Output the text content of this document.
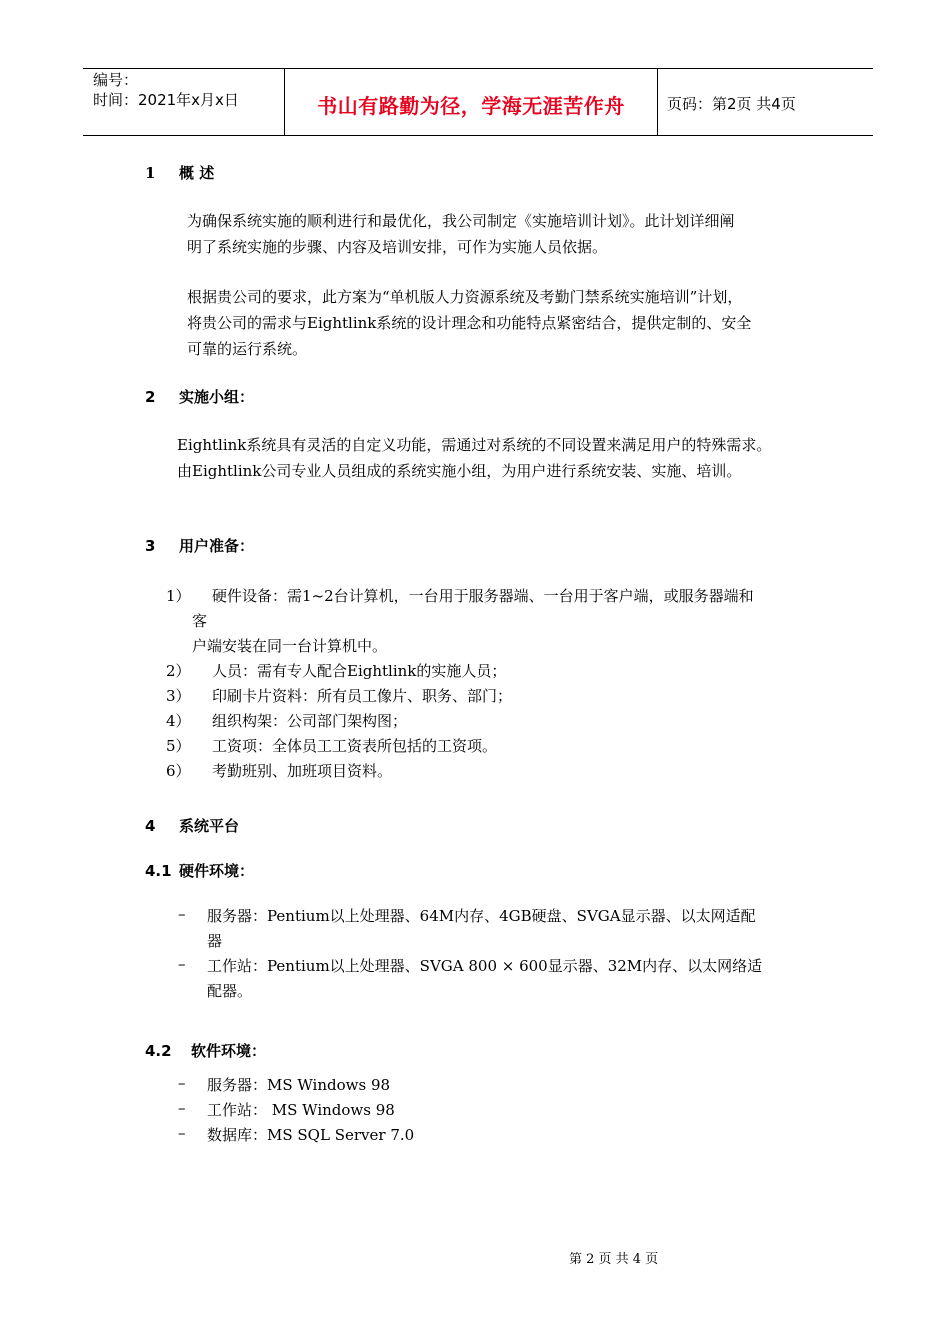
编号：
时间：2021年x月x日	书山有路勤为径，学海无涯苦作舟	页码：第2页 共4页
1 概 述
为确保系统实施的顺利进行和最优化，我公司制定《实施培训计划》。此计划详细阐
明了系统实施的步骤、内容及培训安排，可作为实施人员依据。
根据贵公司的要求，此方案为“单机版人力资源系统及考勤门禁系统实施培训”计划，
将贵公司的需求与Eightlink系统的设计理念和功能特点紧密结合，提供定制的、安全
可靠的运行系统。
2 实施小组：
Eightlink系统具有灵活的自定义功能，需通过对系统的不同设置来满足用户的特殊需求。
由Eightlink公司专业人员组成的系统实施小组，为用户进行系统安装、实施、培训。
3 用户准备：
1） 硬件设备：需1~2台计算机，一台用于服务器端、一台用于客户端，或服务器端和
客
户端安装在同一台计算机中。
2） 人员：需有专人配合Eightlink的实施人员；
3） 印刷卡片资料：所有员工像片、职务、部门；
4） 组织构架：公司部门架构图；
5） 工资项：全体员工工资表所包括的工资项。
6） 考勤班别、加班项目资料。
4 系统平台
4.1 硬件环境：
– 服务器：Pentium以上处理器、64M内存、4GB硬盘、SVGA显示器、以太网适配
器
– 工作站：Pentium以上处理器、SVGA 800 × 600显示器、32M内存、以太网络适
配器。
4.2 软件环境：
– 服务器：MS Windows 98
– 工作站： MS Windows 98
– 数据库：MS SQL Server 7.0
第 2 页 共 4 页
